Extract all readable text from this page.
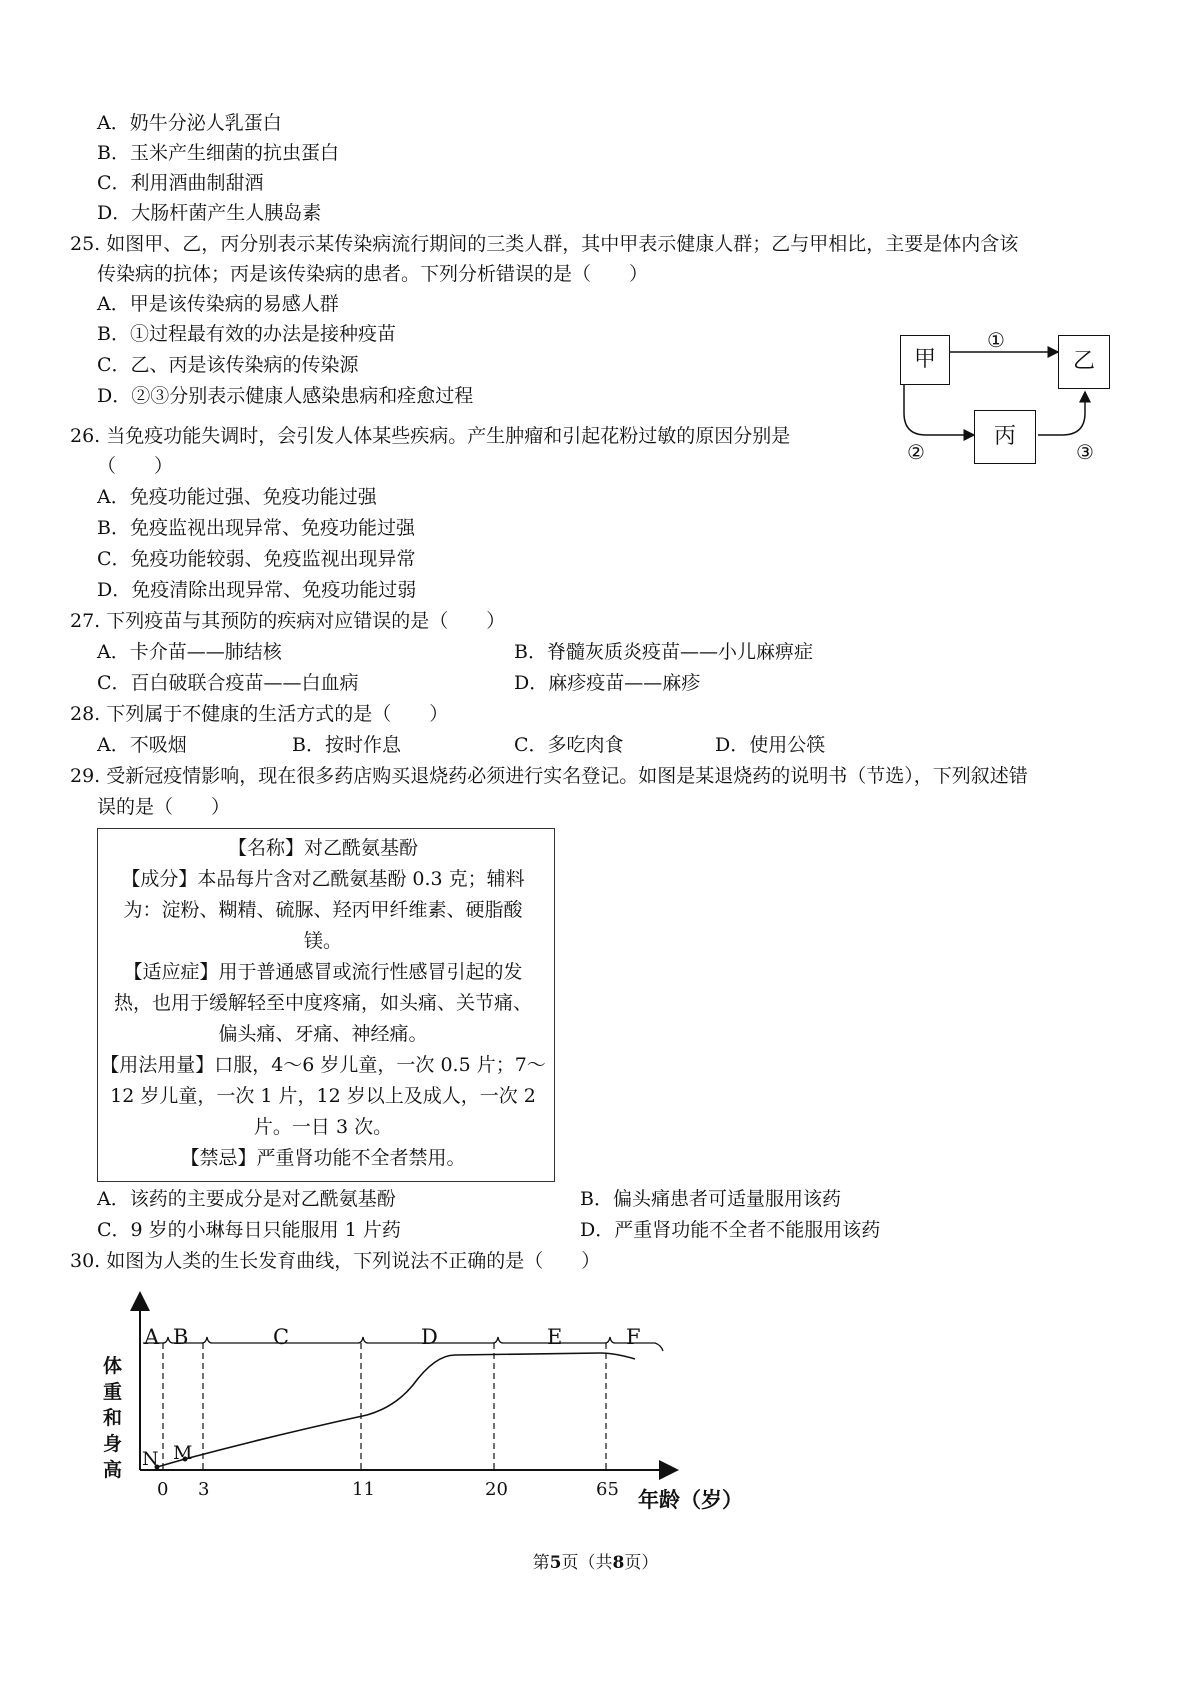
A．奶牛分泌人乳蛋白
B．玉米产生细菌的抗虫蛋白
C．利用酒曲制甜酒
D．大肠杆菌产生人胰岛素
25. 如图甲、乙，丙分别表示某传染病流行期间的三类人群，其中甲表示健康人群；乙与甲相比，主要是体内含该
传染病的抗体；丙是该传染病的患者。下列分析错误的是（　　）
A．甲是该传染病的易感人群
B．①过程最有效的办法是接种疫苗
C．乙、丙是该传染病的传染源
D．②③分别表示健康人感染患病和痊愈过程
甲	乙
丙
①
②	③
26. 当免疫功能失调时，会引发人体某些疾病。产生肿瘤和引起花粉过敏的原因分别是
（　　）
A．免疫功能过强、免疫功能过强
B．免疫监视出现异常、免疫功能过强
C．免疫功能较弱、免疫监视出现异常
D．免疫清除出现异常、免疫功能过弱
27. 下列疫苗与其预防的疾病对应错误的是（　　）
A．卡介苗——肺结核	B．脊髓灰质炎疫苗——小儿麻痹症
C．百白破联合疫苗——白血病	D．麻疹疫苗——麻疹
28. 下列属于不健康的生活方式的是（　　）
A．不吸烟	B．按时作息	C．多吃肉食	D．使用公筷
29. 受新冠疫情影响，现在很多药店购买退烧药必须进行实名登记。如图是某退烧药的说明书（节选），下列叙述错
误的是（　　）
【名称】对乙酰氨基酚
【成分】本品每片含对乙酰氨基酚 0.3 克；辅料
为：淀粉、糊精、硫脲、羟丙甲纤维素、硬脂酸
镁。
【适应症】用于普通感冒或流行性感冒引起的发
热，也用于缓解轻至中度疼痛，如头痛、关节痛、
偏头痛、牙痛、神经痛。
【用法用量】口服，4～6 岁儿童，一次 0.5 片；7～
12 岁儿童，一次 1 片，12 岁以上及成人，一次 2
片。一日 3 次。
【禁忌】严重肾功能不全者禁用。
A．该药的主要成分是对乙酰氨基酚	B．偏头痛患者可适量服用该药
C．9 岁的小琳每日只能服用 1 片药	D．严重肾功能不全者不能服用该药
30. 如图为人类的生长发育曲线，下列说法不正确的是（　　）
A B	C	D	E	F
体
重
和
身
高 N M
0 3	11	20	65 年龄（岁）
第5页（共8页）
